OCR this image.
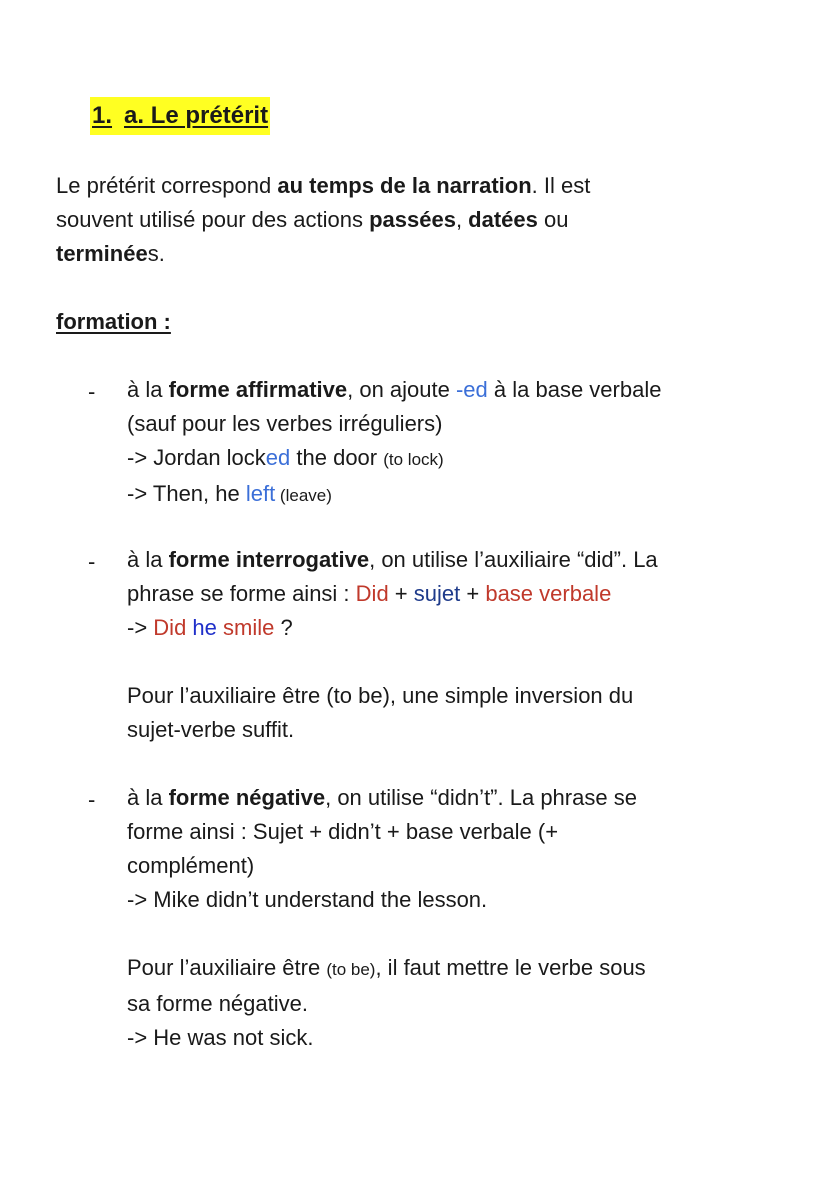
1. a. Le prétérit
Le prétérit correspond au temps de la narration. Il est
souvent utilisé pour des actions passées, datées ou
terminées.
formation :
- à la forme affirmative, on ajoute -ed à la base verbale
(sauf pour les verbes irréguliers)
-> Jordan locked the door (to lock)
-> Then, he left (leave)
- à la forme interrogative, on utilise l’auxiliaire “did”. La
phrase se forme ainsi : Did + sujet + base verbale
-> Did he smile ?
Pour l’auxiliaire être (to be), une simple inversion du
sujet-verbe suffit.
- à la forme négative, on utilise “didn’t”. La phrase se
forme ainsi : Sujet + didn’t + base verbale (+
complément)
-> Mike didn’t understand the lesson.
Pour l’auxiliaire être (to be), il faut mettre le verbe sous
sa forme négative.
-> He was not sick.
